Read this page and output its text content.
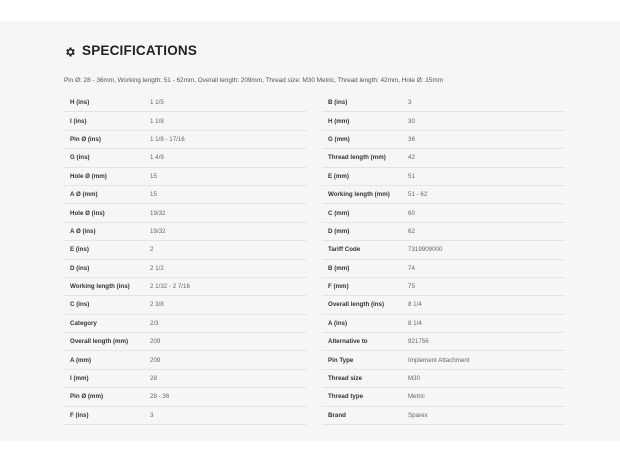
SPECIFICATIONS
Pin Ø: 28 - 36mm, Working length: 51 - 62mm, Overall length: 209mm, Thread size: M30 Metric, Thread length: 42mm, Hole Ø: 15mm
H (ins)	1 1/5
I (ins)	1 1/8
Pin Ø (ins)	1 1/8 - 17/16
G (ins)	1 4/9
Hole Ø (mm)	15
A Ø (mm)	15
Hole Ø (ins)	19/32
A Ø (ins)	19/32
E (ins)	2
D (ins)	2 1/2
Working length (ins)	2 1/32 - 2 7/16
C (ins)	2 3/8
Category	2/3
Overall length (mm)	209
A (mm)	209
I (mm)	28
Pin Ø (mm)	28 - 36
F (ins)	3
B (ins)	3
H (mm)	30
G (mm)	36
Thread length (mm)	42
E (mm)	51
Working length (mm)	51 - 62
C (mm)	60
D (mm)	62
Tariff Code	7319909000
B (mm)	74
F (mm)	75
Overall length (ins)	8 1/4
A (ins)	8 1/4
Alternative to	921756
Pin Type	Implement Attachment
Thread size	M30
Thread type	Metric
Brand	Sparex
